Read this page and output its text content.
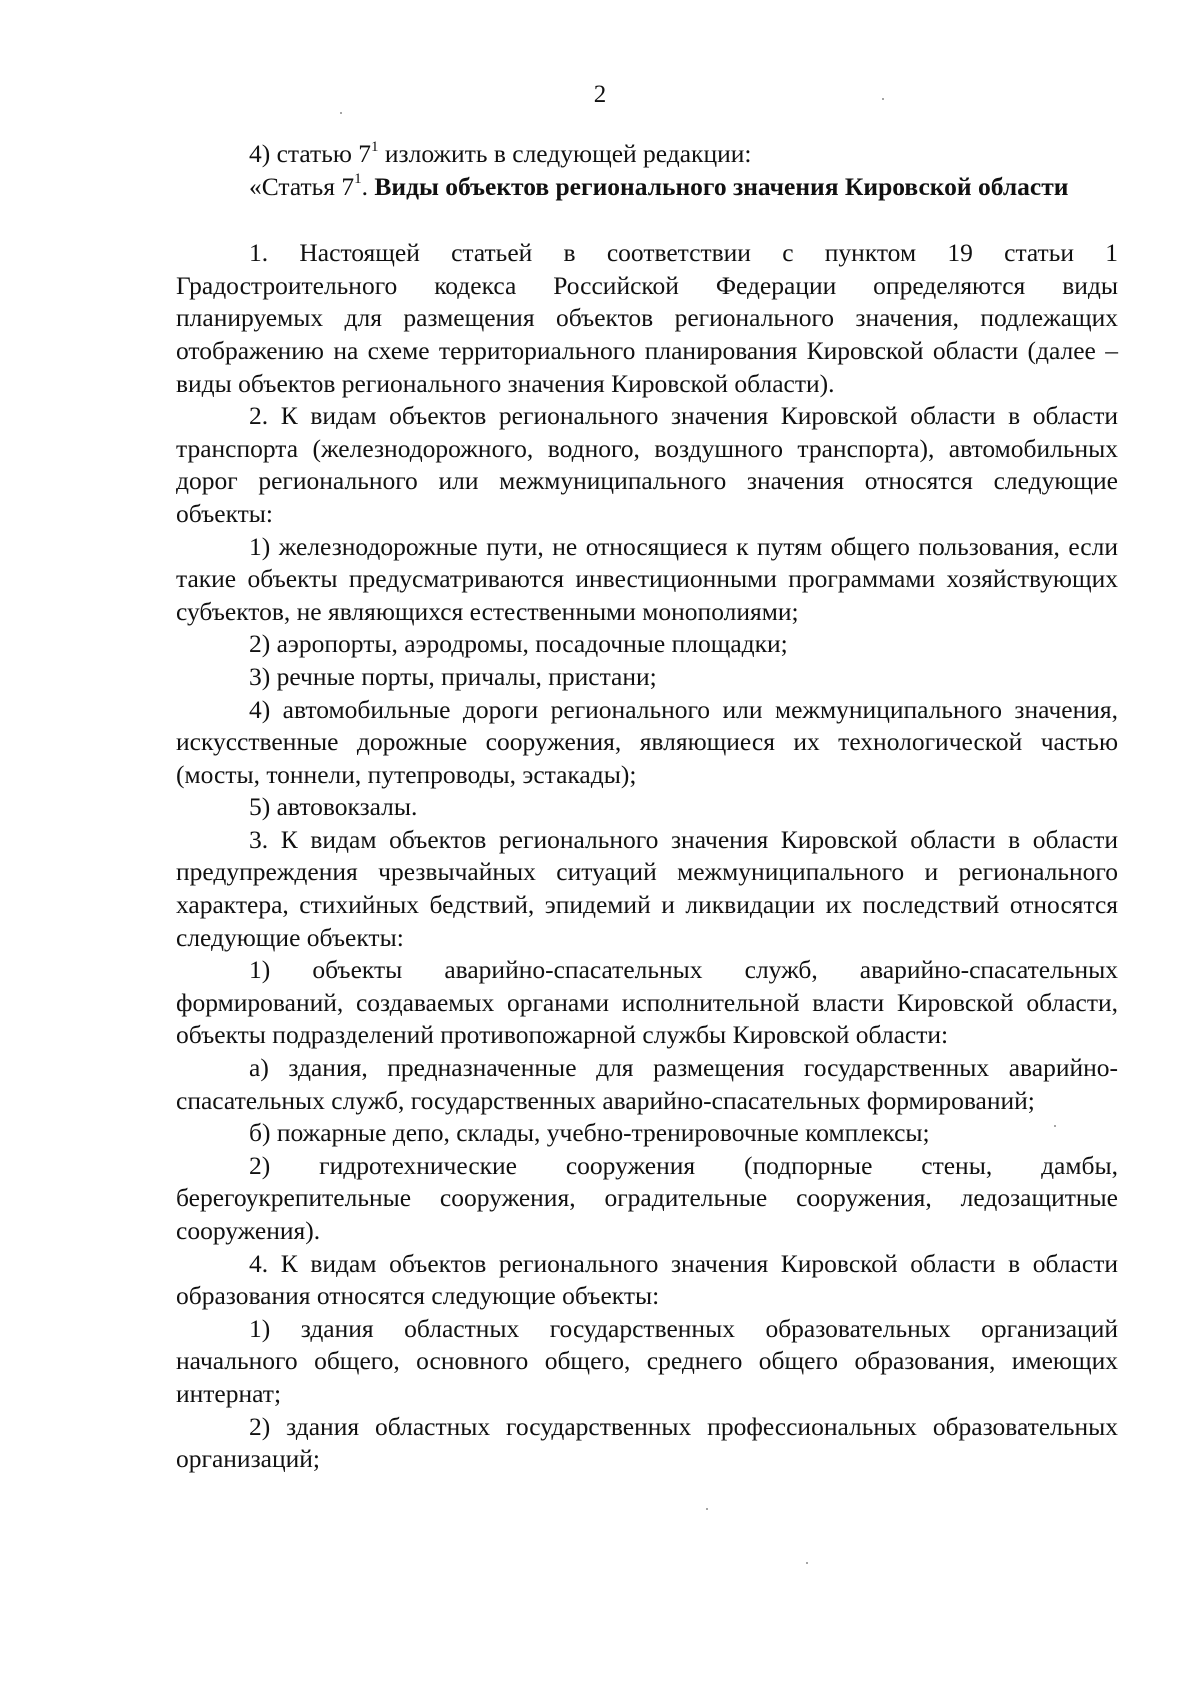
2

4) статью $7^1$ изложить в следующей редакции:

«Статья $7^1$. Виды объектов регионального значения Кировской области

1. Настоящей статьей в соответствии с пунктом 19 статьи 1 Градостроительного кодекса Российской Федерации определяются виды планируемых для размещения объектов регионального значения, подлежащих отображению на схеме территориального планирования Кировской области (далее – виды объектов регионального значения Кировской области).

2. К видам объектов регионального значения Кировской области в области транспорта (железнодорожного, водного, воздушного транспорта), автомобильных дорог регионального или межмуниципального значения относятся следующие объекты:

1) железнодорожные пути, не относящиеся к путям общего пользования, если такие объекты предусматриваются инвестиционными программами хозяйствующих субъектов, не являющихся естественными монополиями;

2) аэропорты, аэродромы, посадочные площадки;

3) речные порты, причалы, пристани;

4) автомобильные дороги регионального или межмуниципального значения, искусственные дорожные сооружения, являющиеся их технологической частью (мосты, тоннели, путепроводы, эстакады);

5) автовокзалы.

3. К видам объектов регионального значения Кировской области в области предупреждения чрезвычайных ситуаций межмуниципального и регионального характера, стихийных бедствий, эпидемий и ликвидации их последствий относятся следующие объекты:

1) объекты аварийно-спасательных служб, аварийно-спасательных формирований, создаваемых органами исполнительной власти Кировской области, объекты подразделений противопожарной службы Кировской области:

а) здания, предназначенные для размещения государственных аварийно-спасательных служб, государственных аварийно-спасательных формирований;

б) пожарные депо, склады, учебно-тренировочные комплексы;

2) гидротехнические сооружения (подпорные стены, дамбы, берегоукрепительные сооружения, оградительные сооружения, ледозащитные сооружения).

4. К видам объектов регионального значения Кировской области в области образования относятся следующие объекты:

1) здания областных государственных образовательных организаций начального общего, основного общего, среднего общего образования, имеющих интернат;

2) здания областных государственных профессиональных образовательных организаций;
